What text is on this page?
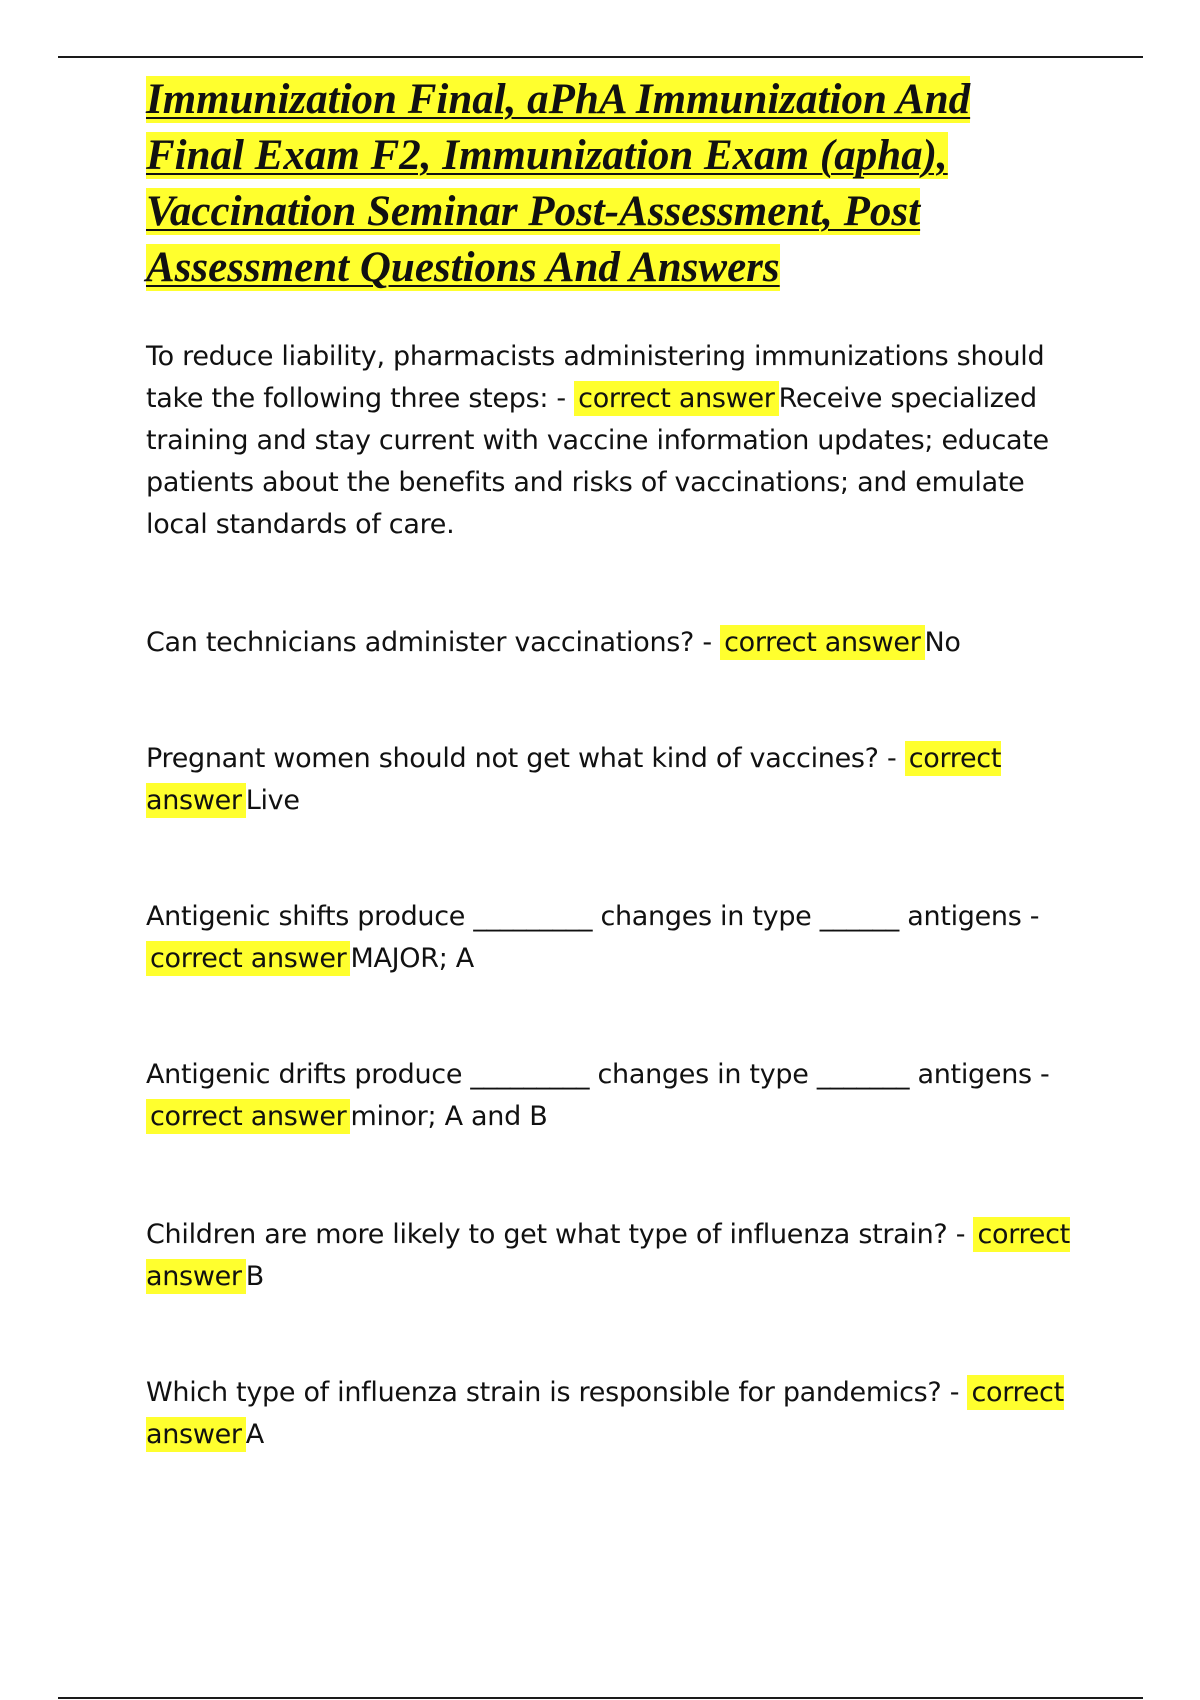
Immunization Final, aPhA Immunization And Final Exam F2, Immunization Exam (apha), Vaccination Seminar Post-Assessment, Post Assessment Questions And Answers

To reduce liability, pharmacists administering immunizations should take the following three steps: - correct answer Receive specialized training and stay current with vaccine information updates; educate patients about the benefits and risks of vaccinations; and emulate local standards of care.

Can technicians administer vaccinations? - correct answer No

Pregnant women should not get what kind of vaccines? - correct answer Live

Antigenic shifts produce _________ changes in type ______ antigens - correct answer MAJOR; A

Antigenic drifts produce _________ changes in type _______ antigens - correct answer minor; A and B

Children are more likely to get what type of influenza strain? - correct answer B

Which type of influenza strain is responsible for pandemics? - correct answer A
